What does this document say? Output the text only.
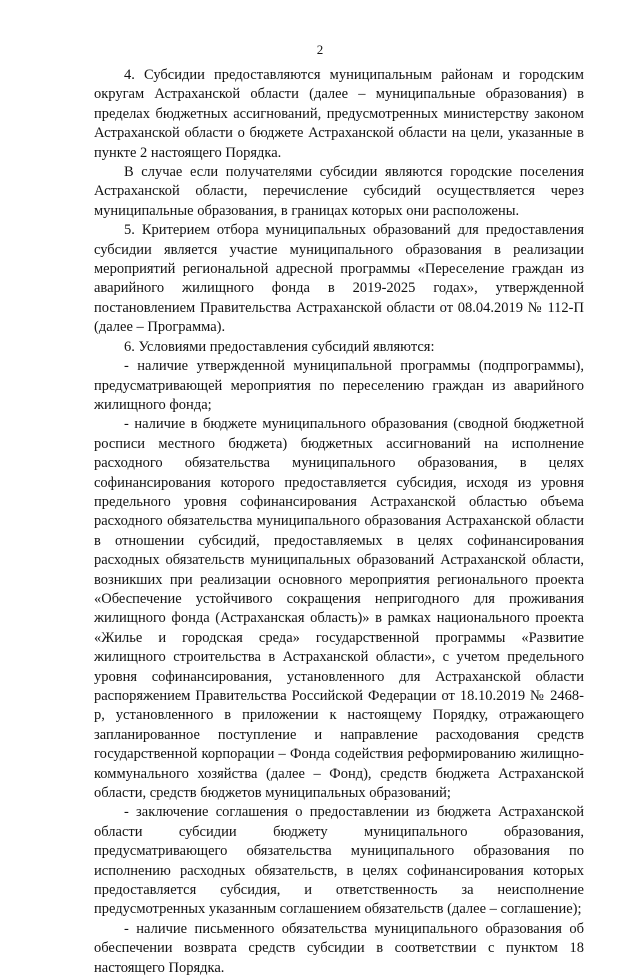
2

4. Субсидии предоставляются муниципальным районам и городским округам Астраханской области (далее – муниципальные образования) в пределах бюджетных ассигнований, предусмотренных министерству законом Астраханской области о бюджете Астраханской области на цели, указанные в пункте 2 настоящего Порядка.

В случае если получателями субсидии являются городские поселения Астраханской области, перечисление субсидий осуществляется через муниципальные образования, в границах которых они расположены.

5. Критерием отбора муниципальных образований для предоставления субсидии является участие муниципального образования в реализации мероприятий региональной адресной программы «Переселение граждан из аварийного жилищного фонда в 2019-2025 годах», утвержденной постановлением Правительства Астраханской области от 08.04.2019 № 112-П (далее – Программа).

6. Условиями предоставления субсидий являются:

- наличие утвержденной муниципальной программы (подпрограммы), предусматривающей мероприятия по переселению граждан из аварийного жилищного фонда;

- наличие в бюджете муниципального образования (сводной бюджетной росписи местного бюджета) бюджетных ассигнований на исполнение расходного обязательства муниципального образования, в целях софинансирования которого предоставляется субсидия, исходя из уровня предельного уровня софинансирования Астраханской областью объема расходного обязательства муниципального образования Астраханской области в отношении субсидий, предоставляемых в целях софинансирования расходных обязательств муниципальных образований Астраханской области, возникших при реализации основного мероприятия регионального проекта «Обеспечение устойчивого сокращения непригодного для проживания жилищного фонда (Астраханская область)» в рамках национального проекта «Жилье и городская среда» государственной программы «Развитие жилищного строительства в Астраханской области», с учетом предельного уровня софинансирования, установленного для Астраханской области распоряжением Правительства Российской Федерации от 18.10.2019 № 2468-р, установленного в приложении к настоящему Порядку, отражающего запланированное поступление и направление расходования средств государственной корпорации – Фонда содействия реформированию жилищно-коммунального хозяйства (далее – Фонд), средств бюджета Астраханской области, средств бюджетов муниципальных образований;

- заключение соглашения о предоставлении из бюджета Астраханской области субсидии бюджету муниципального образования, предусматривающего обязательства муниципального образования по исполнению расходных обязательств, в целях софинансирования которых предоставляется субсидия, и ответственность за неисполнение предусмотренных указанным соглашением обязательств (далее – соглашение);

- наличие письменного обязательства муниципального образования об обеспечении возврата средств субсидии в соответствии с пунктом 18 настоящего Порядка.
